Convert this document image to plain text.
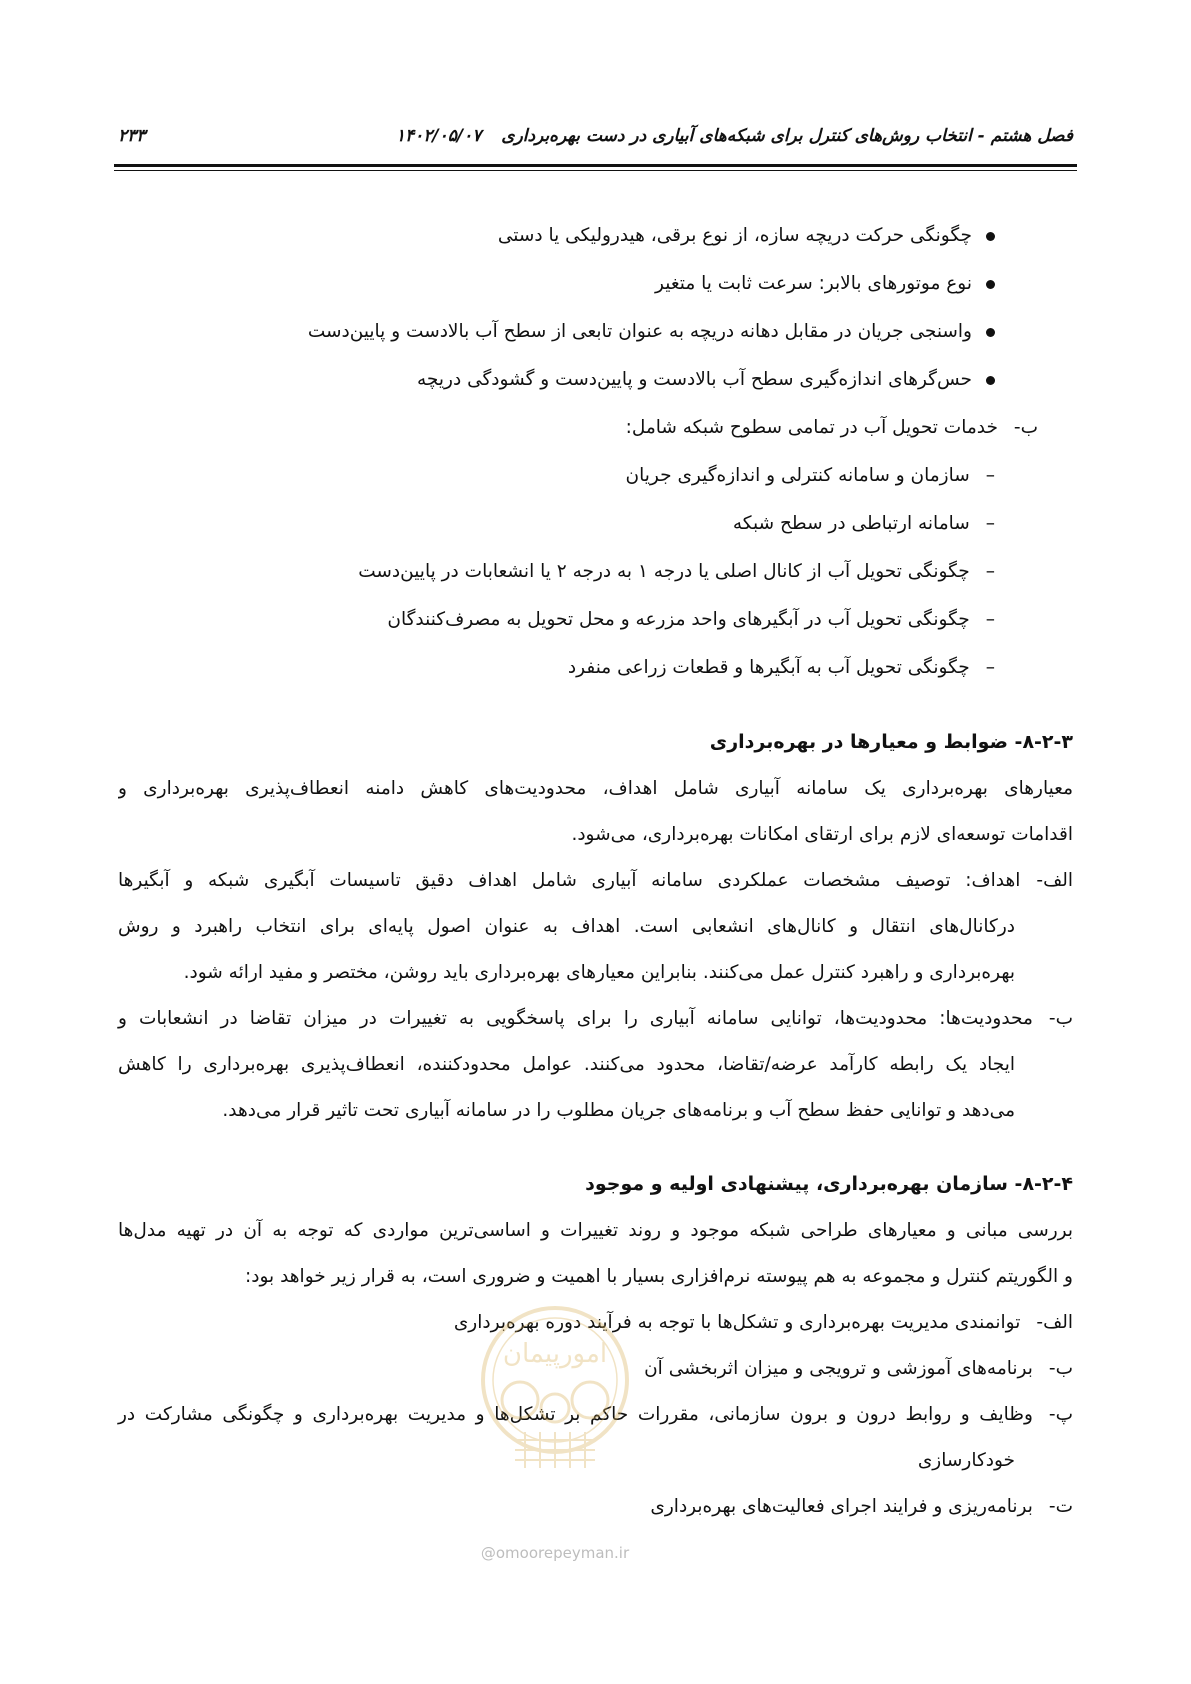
فصل هشتم - انتخاب روش‌های کنترل برای شبکه‌های آبیاری در دست بهره‌برداری ۱۴۰۲/۰۵/۰۷
۲۳۳
چگونگی حرکت دریچه سازه، از نوع برقی، هیدرولیکی یا دستی
نوع موتورهای بالابر: سرعت ثابت یا متغیر
واسنجی جریان در مقابل دهانه دریچه به عنوان تابعی از سطح آب بالادست و پایین‌دست
حس‌گرهای اندازه‌گیری سطح آب بالادست و پایین‌دست و گشودگی دریچه
ب-خدمات تحویل آب در تمامی سطوح شبکه شامل:
–سازمان و سامانه کنترلی و اندازه‌گیری جریان
–سامانه ارتباطی در سطح شبکه
–چگونگی تحویل آب از کانال اصلی یا درجه ۱ به درجه ۲ یا انشعابات در پایین‌دست
–چگونگی تحویل آب در آبگیرهای واحد مزرعه و محل تحویل به مصرف‌کنندگان
–چگونگی تحویل آب به آبگیرها و قطعات زراعی منفرد
۸-۲-۳- ضوابط و معیارها در بهره‌برداری
معیارهای بهره‌برداری یک سامانه آبیاری شامل اهداف، محدودیت‌های کاهش دامنه انعطاف‌پذیری بهره‌برداری و
اقدامات توسعه‌ای لازم برای ارتقای امکانات بهره‌برداری، می‌شود.
الف-اهداف: توصیف مشخصات عملکردی سامانه آبیاری شامل اهداف دقیق تاسیسات آبگیری شبکه و آبگیرها
درکانال‌های انتقال و کانال‌های انشعابی است. اهداف به عنوان اصول پایه‌ای برای انتخاب راهبرد و روش
بهره‌برداری و راهبرد کنترل عمل می‌کنند. بنابراین معیارهای بهره‌برداری باید روشن، مختصر و مفید ارائه شود.
ب-محدودیت‌ها: محدودیت‌ها، توانایی سامانه آبیاری را برای پاسخگویی به تغییرات در میزان تقاضا در انشعابات و
ایجاد یک رابطه کارآمد عرضه/تقاضا، محدود می‌کنند. عوامل محدودکننده، انعطاف‌پذیری بهره‌برداری را کاهش
می‌دهد و توانایی حفظ سطح آب و برنامه‌های جریان مطلوب را در سامانه آبیاری تحت تاثیر قرار می‌دهد.
۸-۲-۴- سازمان بهره‌برداری، پیشنهادی اولیه و موجود
بررسی مبانی و معیارهای طراحی شبکه موجود و روند تغییرات و اساسی‌ترین مواردی که توجه به آن در تهیه مدل‌ها
و الگوریتم کنترل و مجموعه به هم پیوسته نرم‌افزاری بسیار با اهمیت و ضروری است، به قرار زیر خواهد بود:
الف-توانمندی مدیریت بهره‌برداری و تشکل‌ها با توجه به فرآیند دوره بهره‌برداری
ب-برنامه‌های آموزشی و ترویجی و میزان اثربخشی آن
پ-وظایف و روابط درون و برون سازمانی، مقررات حاکم بر تشکل‌ها و مدیریت بهره‌برداری و چگونگی مشارکت در
خودکارسازی
ت-برنامه‌ریزی و فرایند اجرای فعالیت‌های بهره‌برداری
امورپیمان
@omoorepeyman.ir
